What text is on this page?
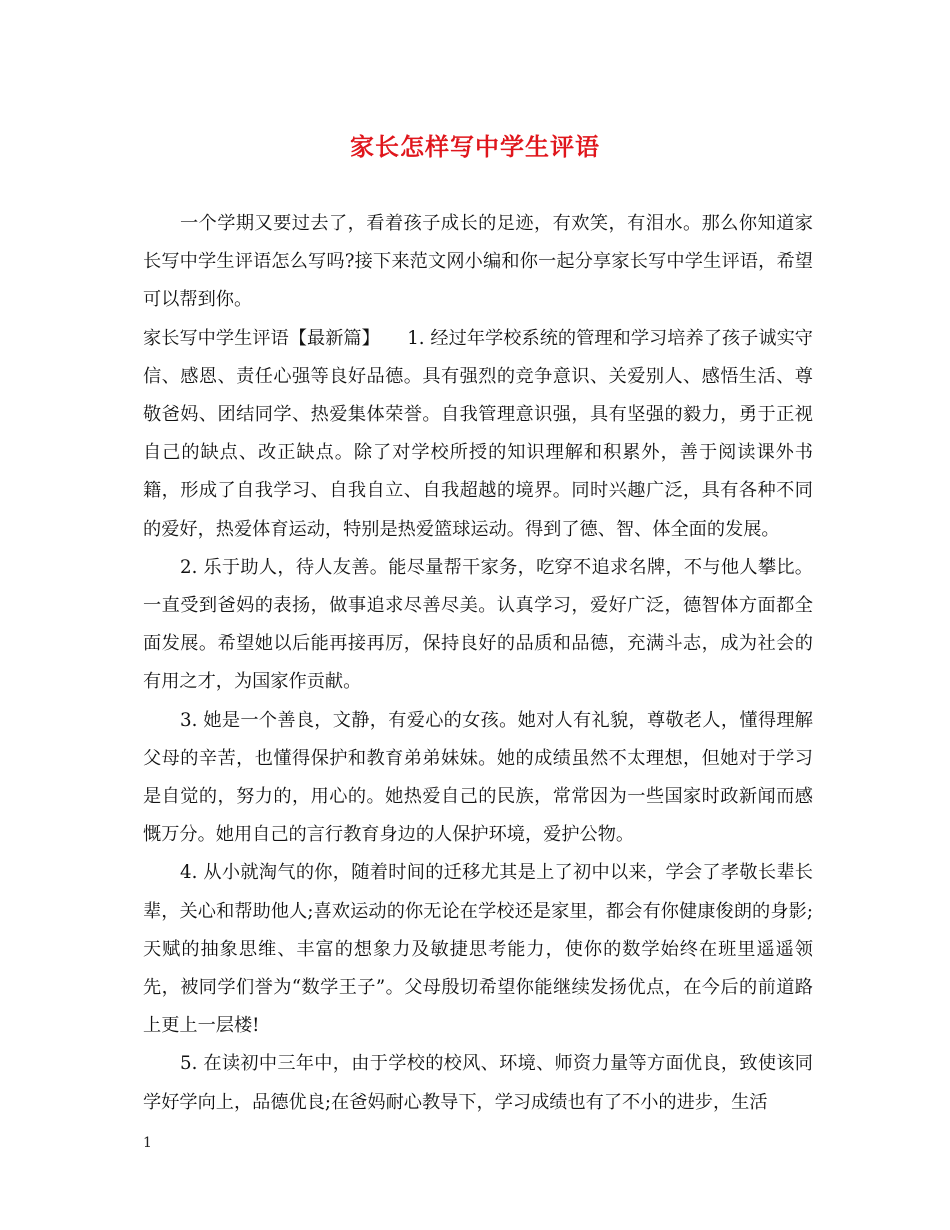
家长怎样写中学生评语

一个学期又要过去了，看着孩子成长的足迹，有欢笑，有泪水。那么你知道家长写中学生评语怎么写吗?接下来范文网小编和你一起分享家长写中学生评语，希望可以帮到你。

家长写中学生评语【最新篇】　　1. 经过年学校系统的管理和学习培养了孩子诚实守信、感恩、责任心强等良好品德。具有强烈的竞争意识、关爱别人、感悟生活、尊敬爸妈、团结同学、热爱集体荣誉。自我管理意识强，具有坚强的毅力，勇于正视自己的缺点、改正缺点。除了对学校所授的知识理解和积累外，善于阅读课外书籍，形成了自我学习、自我自立、自我超越的境界。同时兴趣广泛，具有各种不同的爱好，热爱体育运动，特别是热爱篮球运动。得到了德、智、体全面的发展。

2. 乐于助人，待人友善。能尽量帮干家务，吃穿不追求名牌，不与他人攀比。一直受到爸妈的表扬，做事追求尽善尽美。认真学习，爱好广泛，德智体方面都全面发展。希望她以后能再接再厉，保持良好的品质和品德，充满斗志，成为社会的有用之才，为国家作贡献。

3. 她是一个善良，文静，有爱心的女孩。她对人有礼貌，尊敬老人，懂得理解父母的辛苦，也懂得保护和教育弟弟妹妹。她的成绩虽然不太理想，但她对于学习是自觉的，努力的，用心的。她热爱自己的民族，常常因为一些国家时政新闻而感慨万分。她用自己的言行教育身边的人保护环境，爱护公物。

4. 从小就淘气的你，随着时间的迁移尤其是上了初中以来，学会了孝敬长辈长辈，关心和帮助他人;喜欢运动的你无论在学校还是家里，都会有你健康俊朗的身影;天赋的抽象思维、丰富的想象力及敏捷思考能力，使你的数学始终在班里遥遥领先，被同学们誉为“数学王子”。父母殷切希望你能继续发扬优点，在今后的前道路上更上一层楼!

5. 在读初中三年中，由于学校的校风、环境、师资力量等方面优良，致使该同学好学向上，品德优良;在爸妈耐心教导下，学习成绩也有了不小的进步，生活

1
